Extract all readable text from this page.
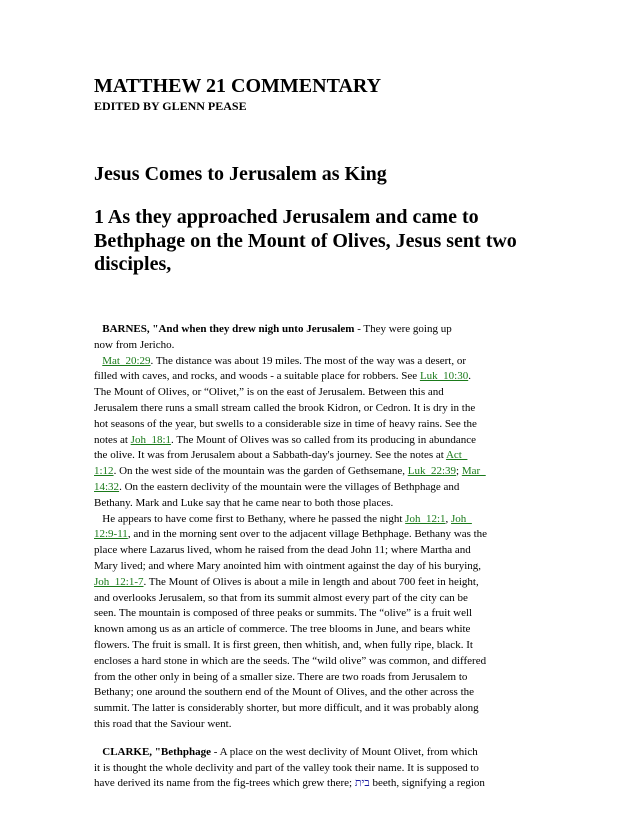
MATTHEW 21 COMMENTARY
EDITED BY GLENN PEASE
Jesus Comes to Jerusalem as King
1 As they approached Jerusalem and came to
Bethphage on the Mount of Olives, Jesus sent two
disciples,
BARNES, "And when they drew nigh unto Jerusalem - They were going up
now from Jericho.
Mat_20:29. The distance was about 19 miles. The most of the way was a desert, or
filled with caves, and rocks, and woods - a suitable place for robbers. See Luk_10:30.
The Mount of Olives, or “Olivet,” is on the east of Jerusalem. Between this and
Jerusalem there runs a small stream called the brook Kidron, or Cedron. It is dry in the
hot seasons of the year, but swells to a considerable size in time of heavy rains. See the
notes at Joh_18:1. The Mount of Olives was so called from its producing in abundance
the olive. It was from Jerusalem about a Sabbath-day's journey. See the notes at Act_
1:12. On the west side of the mountain was the garden of Gethsemane, Luk_22:39; Mar_
14:32. On the eastern declivity of the mountain were the villages of Bethphage and
Bethany. Mark and Luke say that he came near to both those places.
He appears to have come first to Bethany, where he passed the night Joh_12:1, Joh_
12:9-11, and in the morning sent over to the adjacent village Bethphage. Bethany was the
place where Lazarus lived, whom he raised from the dead John 11; where Martha and
Mary lived; and where Mary anointed him with ointment against the day of his burying,
Joh_12:1-7. The Mount of Olives is about a mile in length and about 700 feet in height,
and overlooks Jerusalem, so that from its summit almost every part of the city can be
seen. The mountain is composed of three peaks or summits. The “olive” is a fruit well
known among us as an article of commerce. The tree blooms in June, and bears white
flowers. The fruit is small. It is first green, then whitish, and, when fully ripe, black. It
encloses a hard stone in which are the seeds. The “wild olive” was common, and differed
from the other only in being of a smaller size. There are two roads from Jerusalem to
Bethany; one around the southern end of the Mount of Olives, and the other across the
summit. The latter is considerably shorter, but more difficult, and it was probably along
this road that the Saviour went.
CLARKE, "Bethphage - A place on the west declivity of Mount Olivet, from which
it is thought the whole declivity and part of the valley took their name. It is supposed to
have derived its name from the fig-trees which grew there; בית beeth, signifying a region
